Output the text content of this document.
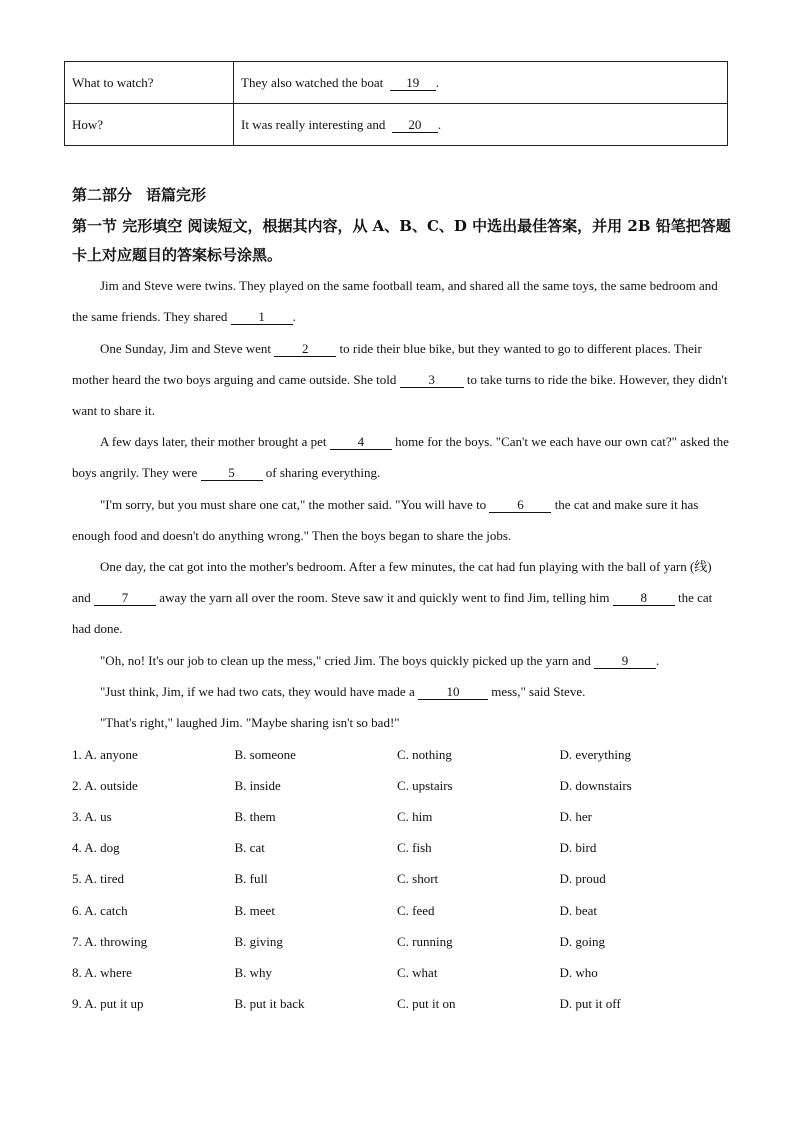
What to watch?	They also watched the boat 19 .
How?	It was really interesting and 20 .
第二部分 语篇完形
第一节 完形填空 阅读短文，根据其内容，从 A、B、C、D 中选出最佳答案，并用 2B 铅笔把答题卡上对应题目的答案标号涂黑。
Jim and Steve were twins. They played on the same football team, and shared all the same toys, the same bedroom and the same friends. They shared 1 .
One Sunday, Jim and Steve went 2 to ride their blue bike, but they wanted to go to different places. Their mother heard the two boys arguing and came outside. She told 3 to take turns to ride the bike. However, they didn't want to share it.
A few days later, their mother brought a pet 4 home for the boys. "Can't we each have our own cat?" asked the boys angrily. They were 5 of sharing everything.
"I'm sorry, but you must share one cat," the mother said. "You will have to 6 the cat and make sure it has enough food and doesn't do anything wrong." Then the boys began to share the jobs.
One day, the cat got into the mother's bedroom. After a few minutes, the cat had fun playing with the ball of yarn (线) and 7 away the yarn all over the room. Steve saw it and quickly went to find Jim, telling him 8 the cat had done.
"Oh, no! It's our job to clean up the mess," cried Jim. The boys quickly picked up the yarn and 9 .
"Just think, Jim, if we had two cats, they would have made a 10 mess," said Steve.
"That's right," laughed Jim. "Maybe sharing isn't so bad!"
1. A. anyone	B. someone	C. nothing	D. everything
2. A. outside	B. inside	C. upstairs	D. downstairs
3. A. us	B. them	C. him	D. her
4. A. dog	B. cat	C. fish	D. bird
5. A. tired	B. full	C. short	D. proud
6. A. catch	B. meet	C. feed	D. beat
7. A. throwing	B. giving	C. running	D. going
8. A. where	B. why	C. what	D. who
9. A. put it up	B. put it back	C. put it on	D. put it off
